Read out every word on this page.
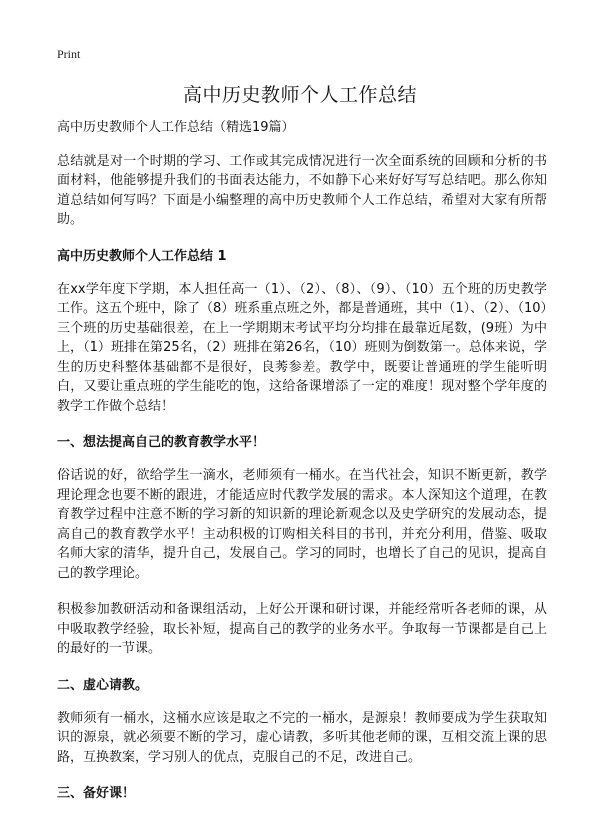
Print
高中历史教师个人工作总结

高中历史教师个人工作总结（精选19篇）

总结就是对一个时期的学习、工作或其完成情况进行一次全面系统的回顾和分析的书面材料，他能够提升我们的书面表达能力，不如静下心来好好写写总结吧。那么你知道总结如何写吗？下面是小编整理的高中历史教师个人工作总结，希望对大家有所帮助。

高中历史教师个人工作总结 1

在xx学年度下学期，本人担任高一（1）、（2）、（8）、（9）、（10）五个班的历史教学工作。这五个班中，除了（8）班系重点班之外，都是普通班，其中（1）、（2）、（10）三个班的历史基础很差，在上一学期期末考试平均分均排在最靠近尾数，(9班）为中上，（1）班排在第25名，（2）班排在第26名，（10）班则为倒数第一。总体来说，学生的历史科整体基础都不是很好，良莠参差。教学中，既要让普通班的学生能听明白，又要让重点班的学生能吃的饱，这给备课增添了一定的难度！现对整个学年度的教学工作做个总结！

一、想法提高自己的教育教学水平！

俗话说的好，欲给学生一滴水，老师须有一桶水。在当代社会，知识不断更新，教学理论理念也要不断的跟进，才能适应时代教学发展的需求。本人深知这个道理，在教育教学过程中注意不断的学习新的知识新的理论新观念以及史学研究的发展动态，提高自己的教育教学水平！主动积极的订购相关科目的书刊，并充分利用，借鉴、吸取名师大家的清华，提升自己，发展自己。学习的同时，也增长了自己的见识，提高自己的教学理论。

积极参加教研活动和备课组活动，上好公开课和研讨课，并能经常听各老师的课，从中吸取教学经验，取长补短，提高自己的教学的业务水平。争取每一节课都是自己上的最好的一节课。

二、虚心请教。

教师须有一桶水，这桶水应该是取之不完的一桶水，是源泉！教师要成为学生获取知识的源泉，就必须要不断的学习，虚心请教，多听其他老师的课，互相交流上课的思路，互换教案，学习别人的优点，克服自己的不足，改进自己。

三、备好课！
